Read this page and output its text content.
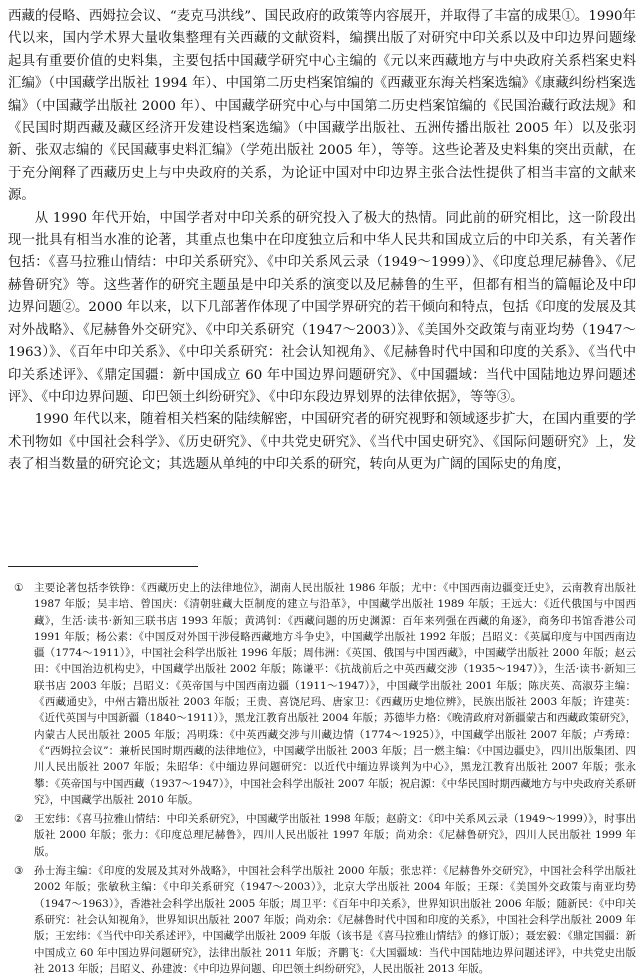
西藏的侵略、西姆拉会议、“麦克马洪线”、国民政府的政策等内容展开，并取得了丰富的成果①。1990年代以来，国内学术界大量收集整理有关西藏的文献资料，编撰出版了对研究中印关系以及中印边界问题缘起具有重要价值的史料集，主要包括中国藏学研究中心主编的《元以来西藏地方与中央政府关系档案史料汇编》（中国藏学出版社 1994 年）、中国第二历史档案馆编的《西藏亚东海关档案选编》《康藏纠纷档案选编》（中国藏学出版社 2000 年）、中国藏学研究中心与中国第二历史档案馆编的《民国治藏行政法规》和《民国时期西藏及藏区经济开发建设档案选编》（中国藏学出版社、五洲传播出版社 2005 年）以及张羽新、张双志编的《民国藏事史料汇编》（学苑出版社 2005 年），等等。这些论著及史料集的突出贡献，在于充分阐释了西藏历史上与中央政府的关系，为论证中国对中印边界主张合法性提供了相当丰富的文献来源。

从 1990 年代开始，中国学者对中印关系的研究投入了极大的热情。同此前的研究相比，这一阶段出现一批具有相当水准的论著，其重点也集中在印度独立后和中华人民共和国成立后的中印关系，有关著作包括：《喜马拉雅山情结：中印关系研究》、《中印关系风云录（1949～1999）》、《印度总理尼赫鲁》、《尼赫鲁研究》等。这些著作的研究主题虽是中印关系的演变以及尼赫鲁的生平，但都有相当的篇幅论及中印边界问题②。2000 年以来，以下几部著作体现了中国学界研究的若干倾向和特点，包括《印度的发展及其对外战略》、《尼赫鲁外交研究》、《中印关系研究（1947～2003）》、《美国外交政策与南亚均势（1947～1963）》、《百年中印关系》、《中印关系研究：社会认知视角》、《尼赫鲁时代中国和印度的关系》、《当代中印关系述评》、《鼎定国疆：新中国成立 60 年中国边界问题研究》、《中国疆域：当代中国陆地边界问题述评》、《中印边界问题、印巴领土纠纷研究》、《中印东段边界划界的法律依据》，等等③。

1990 年代以来，随着相关档案的陆续解密，中国研究者的研究视野和领域逐步扩大，在国内重要的学术刊物如《中国社会科学》、《历史研究》、《中共党史研究》、《当代中国史研究》、《国际问题研究》上，发表了相当数量的研究论文；其选题从单纯的中印关系的研究，转向从更为广阔的国际史的角度，

①	主要论著包括李铁铮：《西藏历史上的法律地位》，湖南人民出版社 1986 年版；尤中：《中国西南边疆变迁史》，云南教育出版社 1987 年版；吴丰培、曾国庆：《清朝驻藏大臣制度的建立与沿革》，中国藏学出版社 1989 年版；王远大：《近代俄国与中国西藏》，生活·读书·新知三联书店 1993 年版；黄鸿钊：《西藏问题的历史渊源：百年来列强在西藏的角逐》，商务印书馆香港公司 1991 年版；杨公素：《中国反对外国干涉侵略西藏地方斗争史》，中国藏学出版社 1992 年版；吕昭义：《英属印度与中国西南边疆（1774～1911）》，中国社会科学出版社 1996 年版；周伟洲：《英国、俄国与中国西藏》，中国藏学出版社 2000 年版；赵云田：《中国治边机构史》，中国藏学出版社 2002 年版；陈谦平：《抗战前后之中英西藏交涉（1935～1947）》，生活·读书·新知三联书店 2003 年版；吕昭义：《英帝国与中国西南边疆（1911～1947）》，中国藏学出版社 2001 年版；陈庆英、高淑芬主编：《西藏通史》，中州古籍出版社 2003 年版；王贵、喜饶尼玛、唐家卫：《西藏历史地位辨》，民族出版社 2003 年版；许建英：《近代英国与中国新疆（1840～1911）》，黑龙江教育出版社 2004 年版；苏德毕力格：《晚清政府对新疆蒙古和西藏政策研究》，内蒙古人民出版社 2005 年版；冯明珠：《中英西藏交涉与川藏边情（1774～1925）》，中国藏学出版社 2007 年版；卢秀璋：《“西姆拉会议”：兼析民国时期西藏的法律地位》，中国藏学出版社 2003 年版；吕一燃主编：《中国边疆史》，四川出版集团、四川人民出版社 2007 年版；朱昭华：《中缅边界问题研究：以近代中缅边界谈判为中心》，黑龙江教育出版社 2007 年版；张永攀：《英帝国与中国西藏（1937～1947）》，中国社会科学出版社 2007 年版；祝启源：《中华民国时期西藏地方与中央政府关系研究》，中国藏学出版社 2010 年版。
②	王宏纬：《喜马拉雅山情结：中印关系研究》，中国藏学出版社 1998 年版；赵蔚文：《印中关系风云录（1949～1999）》，时事出版社 2000 年版；张力：《印度总理尼赫鲁》，四川人民出版社 1997 年版；尚劝余：《尼赫鲁研究》，四川人民出版社 1999 年版。
③	孙士海主编：《印度的发展及其对外战略》，中国社会科学出版社 2000 年版；张忠祥：《尼赫鲁外交研究》，中国社会科学出版社 2002 年版；张敏秋主编：《中印关系研究（1947～2003）》，北京大学出版社 2004 年版；王琛：《美国外交政策与南亚均势（1947～1963）》，香港社会科学出版社 2005 年版；周卫平：《百年中印关系》，世界知识出版社 2006 年版；随新民：《中印关系研究：社会认知视角》，世界知识出版社 2007 年版；尚劝余：《尼赫鲁时代中国和印度的关系》，中国社会科学出版社 2009 年版；王宏纬：《当代中印关系述评》，中国藏学出版社 2009 年版（该书是《喜马拉雅山情结》的修订版）；聂宏毅：《鼎定国疆：新中国成立 60 年中国边界问题研究》，法律出版社 2011 年版；齐鹏飞：《大国疆域：当代中国陆地边界问题述评》，中共党史出版社 2013 年版；吕昭义、孙建波：《中印边界问题、印巴领土纠纷研究》，人民出版社 2013 年版。
